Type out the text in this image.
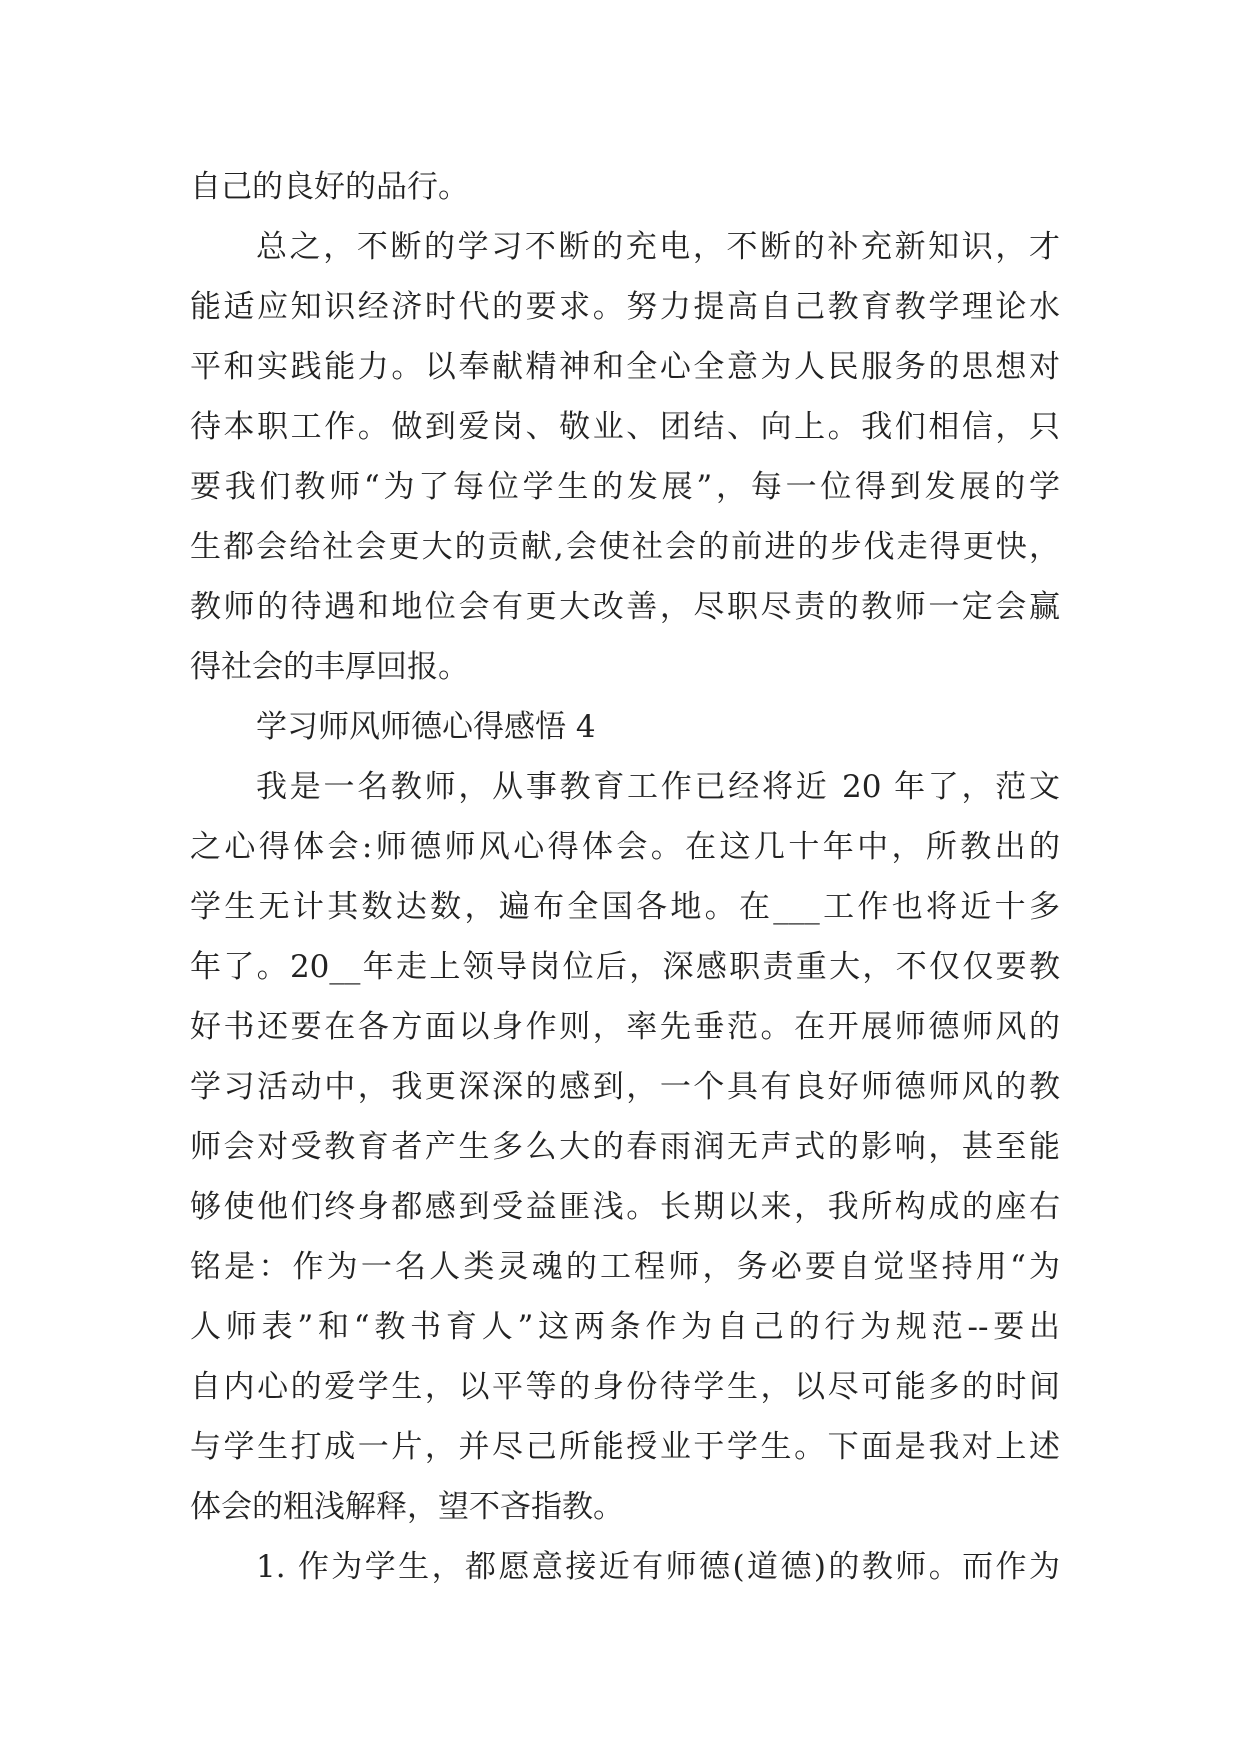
自己的良好的品行。
总之，不断的学习不断的充电，不断的补充新知识，才
能适应知识经济时代的要求。努力提高自己教育教学理论水
平和实践能力。以奉献精神和全心全意为人民服务的思想对
待本职工作。做到爱岗、敬业、团结、向上。我们相信，只
要我们教师“为了每位学生的发展”，每一位得到发展的学
生都会给社会更大的贡献,会使社会的前进的步伐走得更快，
教师的待遇和地位会有更大改善，尽职尽责的教师一定会赢
得社会的丰厚回报。
学习师风师德心得感悟 4
我是一名教师，从事教育工作已经将近 20 年了，范文
之心得体会:师德师风心得体会。在这几十年中，所教出的
学生无计其数达数，遍布全国各地。在___工作也将近十多
年了。20__年走上领导岗位后，深感职责重大，不仅仅要教
好书还要在各方面以身作则，率先垂范。在开展师德师风的
学习活动中，我更深深的感到，一个具有良好师德师风的教
师会对受教育者产生多么大的春雨润无声式的影响，甚至能
够使他们终身都感到受益匪浅。长期以来，我所构成的座右
铭是：作为一名人类灵魂的工程师，务必要自觉坚持用“为
人师表”和“教书育人”这两条作为自己的行为规范--要出
自内心的爱学生，以平等的身份待学生，以尽可能多的时间
与学生打成一片，并尽己所能授业于学生。下面是我对上述
体会的粗浅解释，望不吝指教。
1. 作为学生，都愿意接近有师德(道德)的教师。而作为
